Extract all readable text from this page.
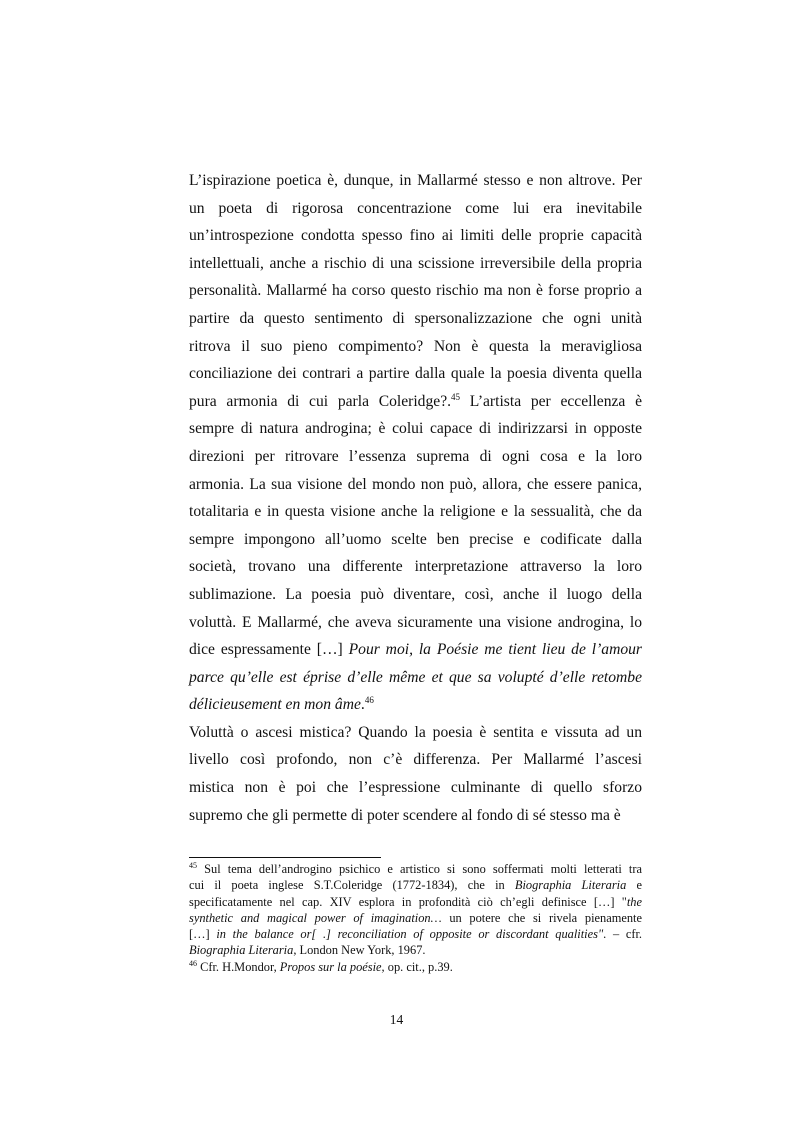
L’ispirazione poetica è, dunque, in Mallarmé stesso e non altrove. Per
un poeta di rigorosa concentrazione come lui era inevitabile
un’introspezione condotta spesso fino ai limiti delle proprie capacità
intellettuali, anche a rischio di una scissione irreversibile della propria
personalità. Mallarmé ha corso questo rischio ma non è forse proprio a
partire da questo sentimento di spersonalizzazione che ogni unità
ritrova il suo pieno compimento? Non è questa la meravigliosa
conciliazione dei contrari a partire dalla quale la poesia diventa quella
pura armonia di cui parla Coleridge?.$^{45}$ L’artista per eccellenza è
sempre di natura androgina; è colui capace di indirizzarsi in opposte
direzioni per ritrovare l’essenza suprema di ogni cosa e la loro
armonia. La sua visione del mondo non può, allora, che essere panica,
totalitaria e in questa visione anche la religione e la sessualità, che da
sempre impongono all’uomo scelte ben precise e codificate dalla
società, trovano una differente interpretazione attraverso la loro
sublimazione. La poesia può diventare, così, anche il luogo della
voluttà. E Mallarmé, che aveva sicuramente una visione androgina, lo
dice espressamente […] Pour moi, la Poésie me tient lieu de l’amour
parce qu’elle est éprise d’elle même et que sa volupté d’elle retombe
délicieusement en mon âme.$^{46}$
Voluttà o ascesi mistica? Quando la poesia è sentita e vissuta ad un
livello così profondo, non c’è differenza. Per Mallarmé l’ascesi
mistica non è poi che l’espressione culminante di quello sforzo
supremo che gli permette di poter scendere al fondo di sé stesso ma è
$^{45}$ Sul tema dell’androgino psichico e artistico si sono soffermati molti letterati tra
cui il poeta inglese S.T.Coleridge (1772-1834), che in Biographia Literaria e
specificatamente nel cap. XIV esplora in profondità ciò ch’egli definisce […] "the
synthetic and magical power of imagination… un potere che si rivela pienamente
[…] in the balance or[ .] reconciliation of opposite or discordant qualities". – cfr.
Biographia Literaria, London New York, 1967.
$^{46}$ Cfr. H.Mondor, Propos sur la poésie, op. cit., p.39.
14
